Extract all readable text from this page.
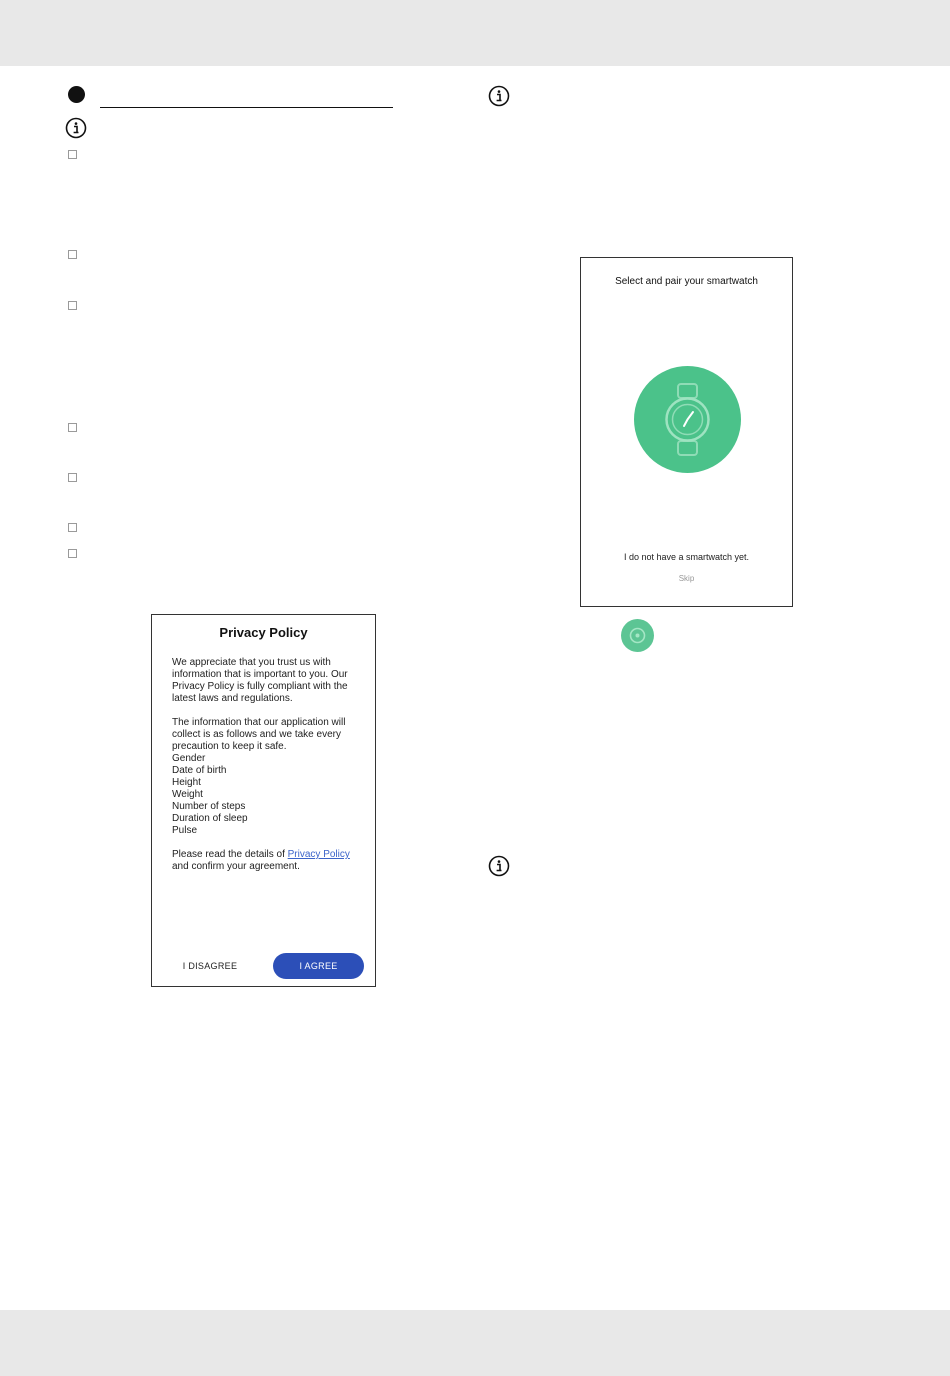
Privacy Policy

We appreciate that you trust us with information that is important to you. Our Privacy Policy is fully compliant with the latest laws and regulations.

The information that our application will collect is as follows and we take every precaution to keep it safe.
Gender
Date of birth
Height
Weight
Number of steps
Duration of sleep
Pulse
Please read the details of Privacy Policy
and confirm your agreement.
I DISAGREE	I AGREE
Select and pair your smartwatch
I do not have a smartwatch yet.
Skip
